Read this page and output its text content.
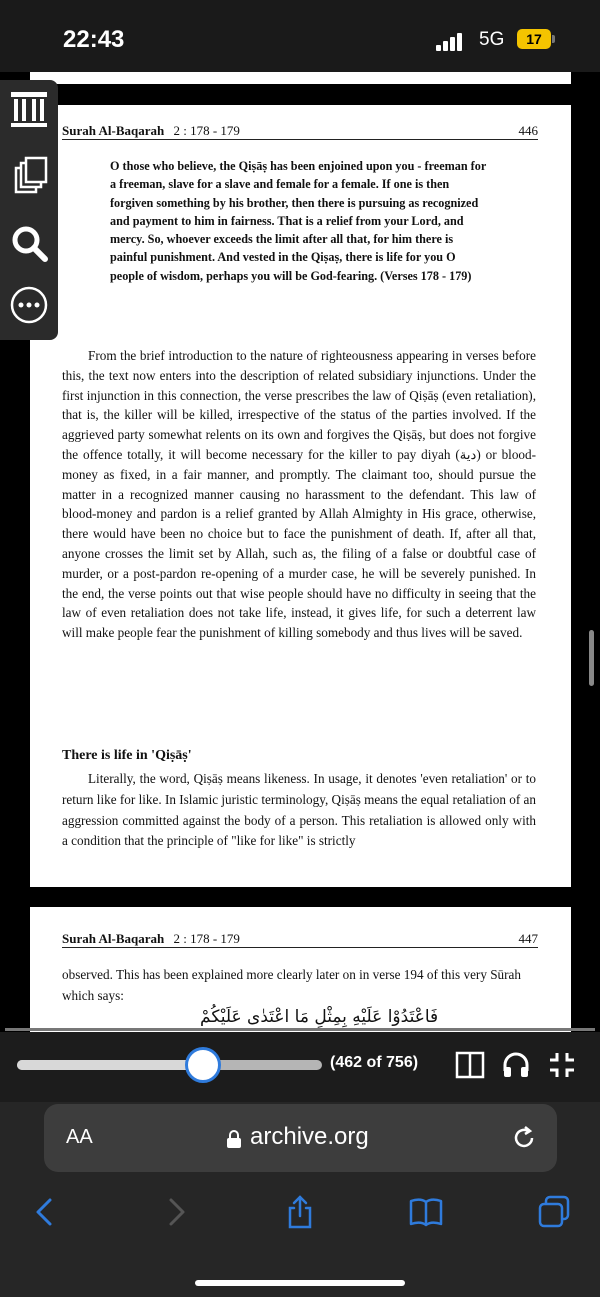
22:43	5G	17
Surah Al-Baqarah 2 : 178 - 179	446
O those who believe, the Qiṣāṣ has been enjoined upon you - freeman for a freeman, slave for a slave and female for a female. If one is then forgiven something by his brother, then there is pursuing as recognized and payment to him in fairness. That is a relief from your Lord, and mercy. So, whoever exceeds the limit after all that, for him there is painful punishment. And vested in the Qiṣaṣ, there is life for you O people of wisdom, perhaps you will be God-fearing. (Verses 178 - 179)

From the brief introduction to the nature of righteousness appearing in verses before this, the text now enters into the description of related subsidiary injunctions. Under the first injunction in this connection, the verse prescribes the law of Qiṣāṣ (even retaliation), that is, the killer will be killed, irrespective of the status of the parties involved. If the aggrieved party somewhat relents on its own and forgives the Qiṣāṣ, but does not forgive the offence totally, it will become necessary for the killer to pay diyah (دية) or blood-money as fixed, in a fair manner, and promptly. The claimant too, should pursue the matter in a recognized manner causing no harassment to the defendant. This law of blood-money and pardon is a relief granted by Allah Almighty in His grace, otherwise, there would have been no choice but to face the punishment of death. If, after all that, anyone crosses the limit set by Allah, such as, the filing of a false or doubtful case of murder, or a post-pardon re-opening of a murder case, he will be severely punished. In the end, the verse points out that wise people should have no difficulty in seeing that the law of even retaliation does not take life, instead, it gives life, for such a deterrent law will make people fear the punishment of killing somebody and thus lives will be saved.

There is life in 'Qiṣāṣ'
Literally, the word, Qiṣāṣ means likeness. In usage, it denotes 'even retaliation' or to return like for like. In Islamic juristic terminology, Qiṣāṣ means the equal retaliation of an aggression committed against the body of a person. This retaliation is allowed only with a condition that the principle of "like for like" is strictly
Surah Al-Baqarah 2 : 178 - 179	447
observed. This has been explained more clearly later on in verse 194 of this very Sūrah which says:
فَاعْتَدُوْا عَلَيْهِ بِمِثْلِ مَا اعْتَدٰى عَلَيْكُمْ
(462 of 756)
AA	archive.org
